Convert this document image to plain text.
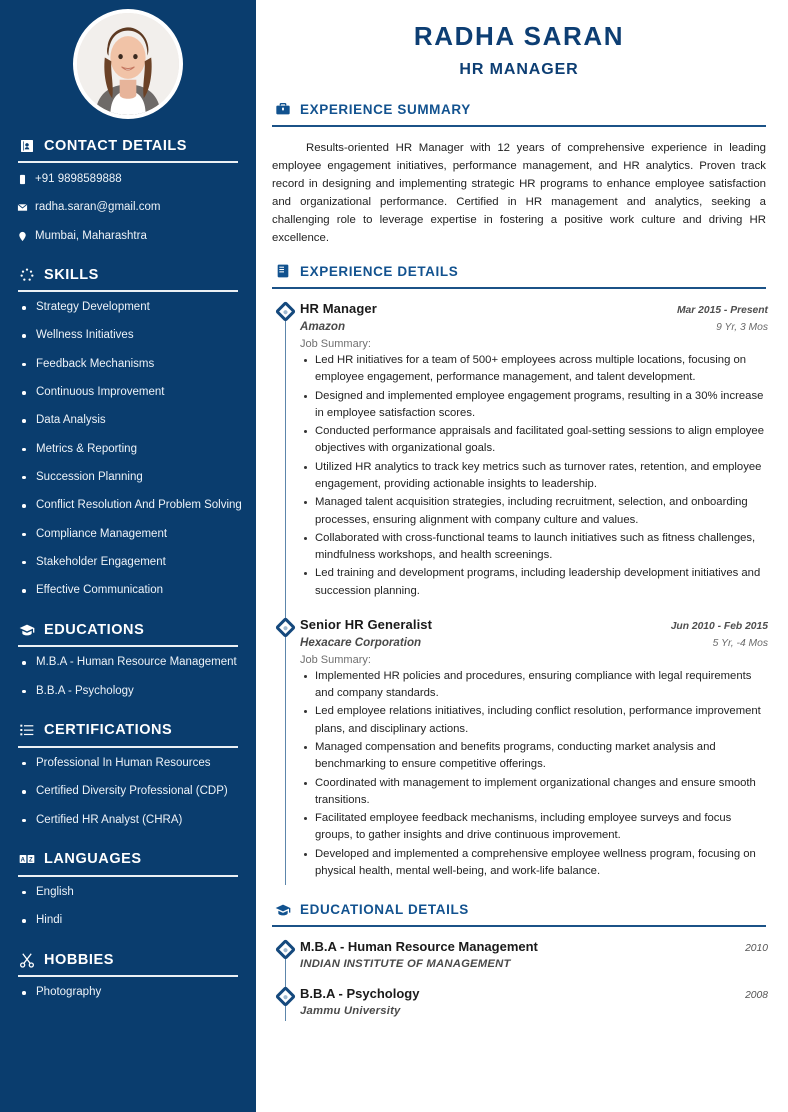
CONTACT DETAILS
+91 9898589888
radha.saran@gmail.com
Mumbai, Maharashtra
SKILLS
Strategy Development
Wellness Initiatives
Feedback Mechanisms
Continuous Improvement
Data Analysis
Metrics & Reporting
Succession Planning
Conflict Resolution And Problem Solving
Compliance Management
Stakeholder Engagement
Effective Communication
EDUCATIONS
M.B.A - Human Resource Management
B.B.A - Psychology
CERTIFICATIONS
Professional In Human Resources
Certified Diversity Professional (CDP)
Certified HR Analyst (CHRA)
A Z LANGUAGES
English
Hindi
HOBBIES
Photography
RADHA SARAN
HR MANAGER
EXPERIENCE SUMMARY

Results-oriented HR Manager with 12 years of comprehensive experience in leading employee engagement initiatives, performance management, and HR analytics. Proven track record in designing and implementing strategic HR programs to enhance employee satisfaction and organizational performance. Certified in HR management and analytics, seeking a challenging role to leverage expertise in fostering a positive work culture and driving HR excellence.

EXPERIENCE DETAILS
HR Manager	Mar 2015 - Present
Amazon	9 Yr, 3 Mos
Job Summary:
Led HR initiatives for a team of 500+ employees across multiple locations, focusing on employee engagement, performance management, and talent development.
Designed and implemented employee engagement programs, resulting in a 30% increase in employee satisfaction scores.
Conducted performance appraisals and facilitated goal-setting sessions to align employee objectives with organizational goals.
Utilized HR analytics to track key metrics such as turnover rates, retention, and employee engagement, providing actionable insights to leadership.
Managed talent acquisition strategies, including recruitment, selection, and onboarding processes, ensuring alignment with company culture and values.
Collaborated with cross-functional teams to launch initiatives such as fitness challenges, mindfulness workshops, and health screenings.
Led training and development programs, including leadership development initiatives and succession planning.
Senior HR Generalist	Jun 2010 - Feb 2015
Hexacare Corporation	5 Yr, -4 Mos
Job Summary:
Implemented HR policies and procedures, ensuring compliance with legal requirements and company standards.
Led employee relations initiatives, including conflict resolution, performance improvement plans, and disciplinary actions.
Managed compensation and benefits programs, conducting market analysis and benchmarking to ensure competitive offerings.
Coordinated with management to implement organizational changes and ensure smooth transitions.
Facilitated employee feedback mechanisms, including employee surveys and focus groups, to gather insights and drive continuous improvement.
Developed and implemented a comprehensive employee wellness program, focusing on physical health, mental well-being, and work-life balance.
EDUCATIONAL DETAILS
M.B.A - Human Resource Management	2010
INDIAN INSTITUTE OF MANAGEMENT
B.B.A - Psychology	2008
Jammu University
